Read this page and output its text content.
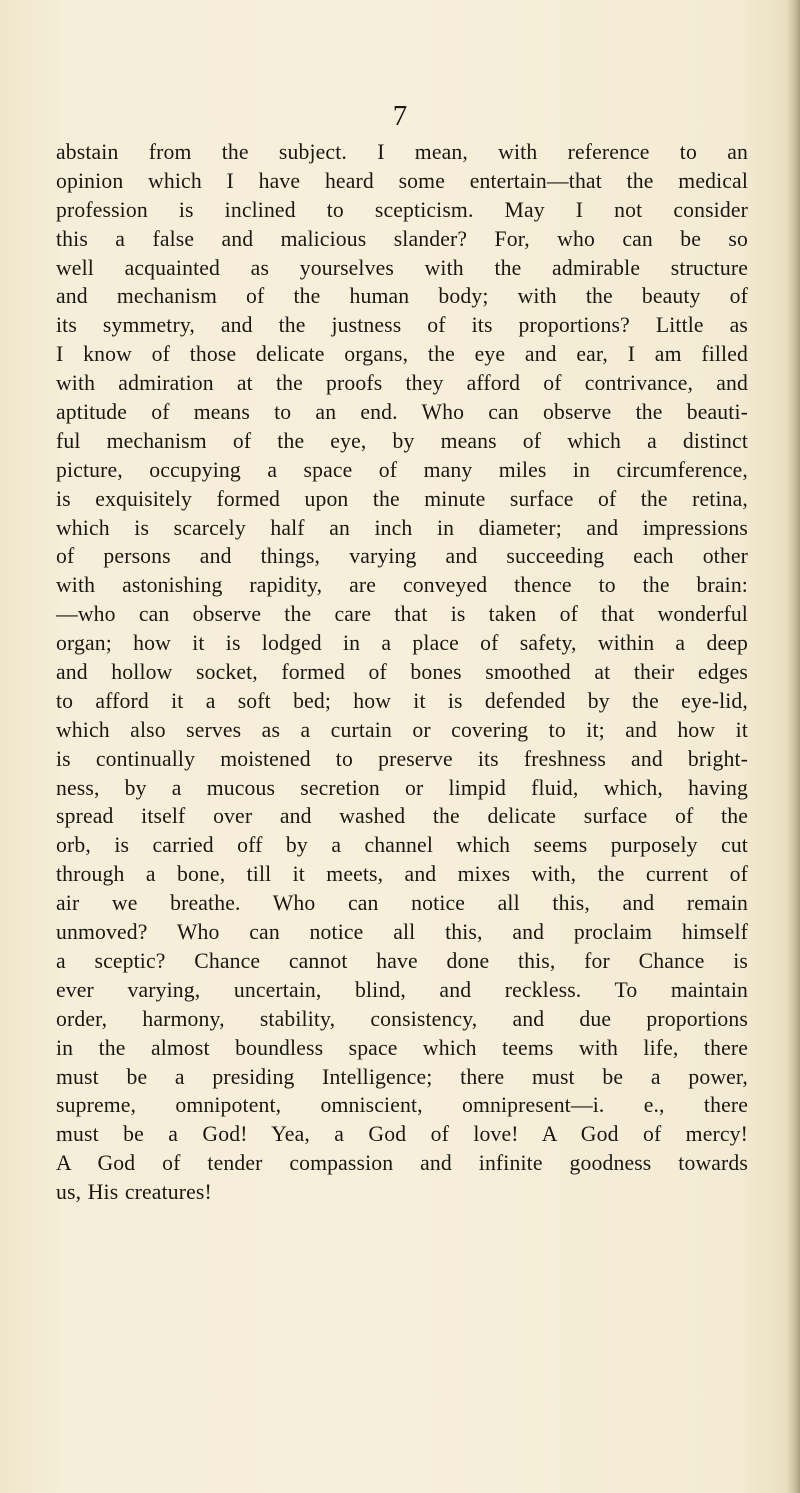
7
abstain from the subject. I mean, with reference to an
opinion which I have heard some entertain—that the medical
profession is inclined to scepticism. May I not consider
this a false and malicious slander? For, who can be so
well acquainted as yourselves with the admirable structure
and mechanism of the human body; with the beauty of
its symmetry, and the justness of its proportions? Little as
I know of those delicate organs, the eye and ear, I am filled
with admiration at the proofs they afford of contrivance, and
aptitude of means to an end. Who can observe the beauti-
ful mechanism of the eye, by means of which a distinct
picture, occupying a space of many miles in circumference,
is exquisitely formed upon the minute surface of the retina,
which is scarcely half an inch in diameter; and impressions
of persons and things, varying and succeeding each other
with astonishing rapidity, are conveyed thence to the brain:
—who can observe the care that is taken of that wonderful
organ; how it is lodged in a place of safety, within a deep
and hollow socket, formed of bones smoothed at their edges
to afford it a soft bed; how it is defended by the eye-lid,
which also serves as a curtain or covering to it; and how it
is continually moistened to preserve its freshness and bright-
ness, by a mucous secretion or limpid fluid, which, having
spread itself over and washed the delicate surface of the
orb, is carried off by a channel which seems purposely cut
through a bone, till it meets, and mixes with, the current of
air we breathe. Who can notice all this, and remain
unmoved? Who can notice all this, and proclaim himself
a sceptic? Chance cannot have done this, for Chance is
ever varying, uncertain, blind, and reckless. To maintain
order, harmony, stability, consistency, and due proportions
in the almost boundless space which teems with life, there
must be a presiding Intelligence; there must be a power,
supreme, omnipotent, omniscient, omnipresent—i. e., there
must be a God! Yea, a God of love! A God of mercy!
A God of tender compassion and infinite goodness towards
us, His creatures!
